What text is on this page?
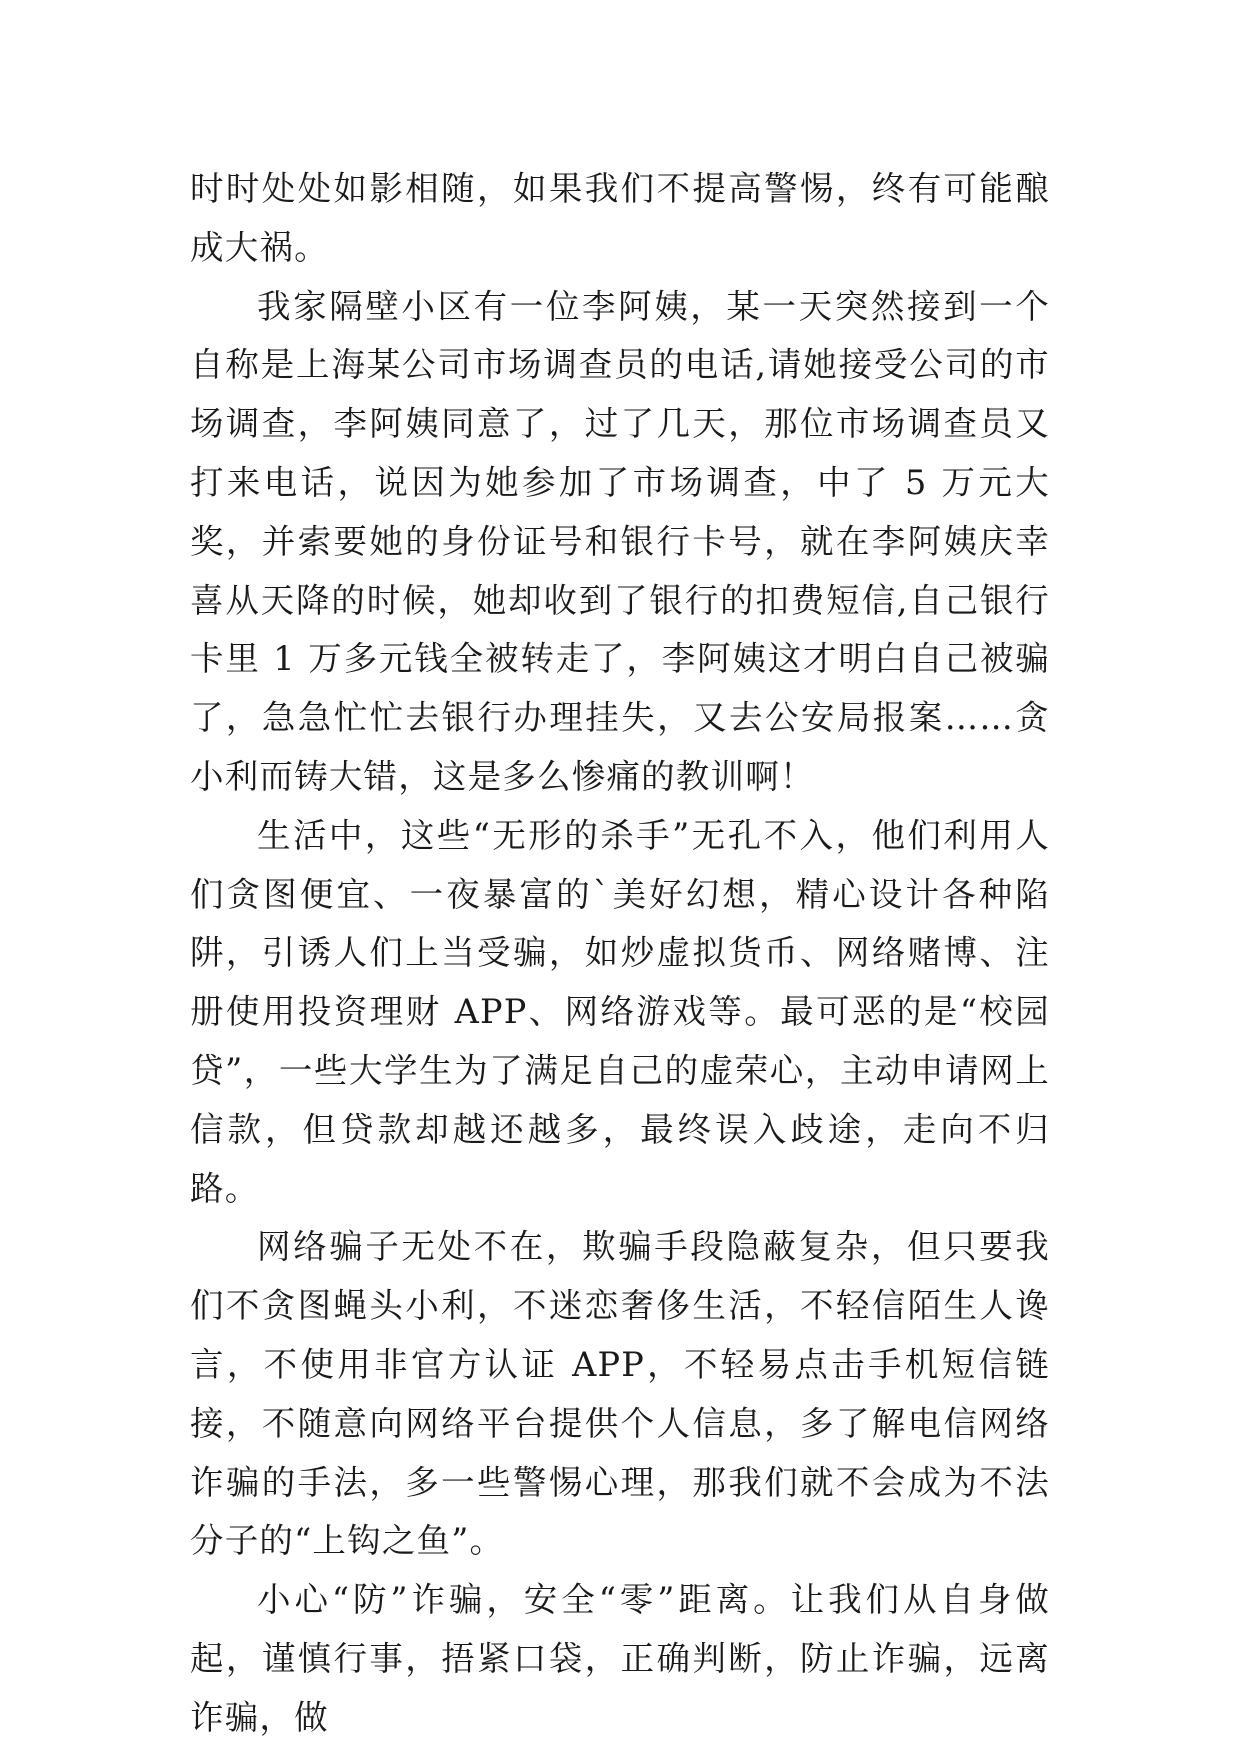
时时处处如影相随，如果我们不提高警惕，终有可能酿成大祸。

我家隔壁小区有一位李阿姨，某一天突然接到一个自称是上海某公司市场调查员的电话,请她接受公司的市场调查，李阿姨同意了，过了几天，那位市场调查员又打来电话，说因为她参加了市场调查，中了 5 万元大奖，并索要她的身份证号和银行卡号，就在李阿姨庆幸喜从天降的时候，她却收到了银行的扣费短信,自己银行卡里 1 万多元钱全被转走了，李阿姨这才明白自己被骗了，急急忙忙去银行办理挂失，又去公安局报案……贪小利而铸大错，这是多么惨痛的教训啊！

生活中，这些“无形的杀手”无孔不入，他们利用人们贪图便宜、一夜暴富的`美好幻想，精心设计各种陷阱，引诱人们上当受骗，如炒虚拟货币、网络赌博、注册使用投资理财 APP、网络游戏等。最可恶的是“校园贷”，一些大学生为了满足自己的虚荣心，主动申请网上信款，但贷款却越还越多，最终误入歧途，走向不归路。

网络骗子无处不在，欺骗手段隐蔽复杂，但只要我们不贪图蝇头小利，不迷恋奢侈生活，不轻信陌生人谗言，不使用非官方认证 APP，不轻易点击手机短信链接，不随意向网络平台提供个人信息，多了解电信网络诈骗的手法，多一些警惕心理，那我们就不会成为不法分子的“上钩之鱼”。

小心“防”诈骗，安全“零”距离。让我们从自身做起，谨慎行事，捂紧口袋，正确判断，防止诈骗，远离诈骗，做
